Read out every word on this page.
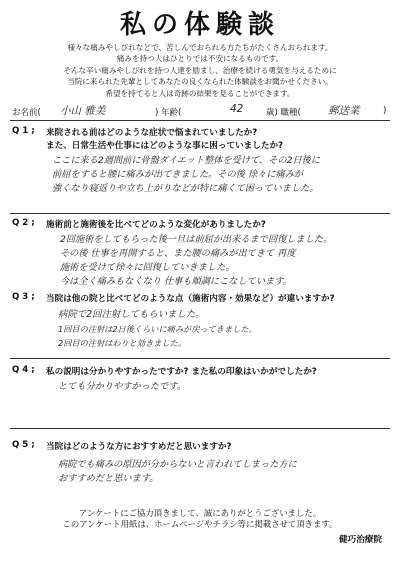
私の体験談
様々な痛みやしびれなどで、苦しんでおられる方たちがたくさんおられます。
痛みを持つ人はひとりでは不安になるものです。
そんな辛い痛みやしびれを持つ人達を励まし、治療を続ける勇気を与えるために
当院に来られた先輩としてあなたの良くなられた体験談をお聞かせください。
希望を持てると人は奇跡の結果を見ることができます。
お名前( 小山 雅美	) 年齢(	42	歳) 職種(	郵送業	)
Q 1 ; 来院される前はどのような症状で悩まれていましたか?
また、日常生活や仕事にはどのような事に困っていましたか?
ここに来る2週間前に骨盤ダイエット整体を受けて、その2日後に
前屈をすると腰に痛みが出てきました。その後 徐々に痛みが
強くなり寝返りや立ち上がりなどが特に痛くて困っていました。
Q 2 ; 施術前と施術後を比べてどのような変化がありましたか?
2回施術をしてもらった後一旦は前屈が出来るまで回復しました。
その後 仕事を再開すると、また腰の痛みが出てきて 再度
施術を受けて徐々に回復していきました。
今は全く痛みもなくなり 仕事も順調にこなしています。
Q 3 ; 当院は他の院と比べてどのような点（施術内容・効果など）が違いますか?
病院で2回注射してもらいました。
1回目の注射は2日後くらいに痛みが戻ってきました。
2回目の注射はわりと効きました。
Q 4 ; 私の説明は分かりやすかったですか? また私の印象はいかがでしたか?
とても分かりやすかったです。
Q 5 ; 当院はどのような方におすすめだと思いますか?
病院でも痛みの原因が分からないと言われてしまった方に
おすすめだと思います。
アンケートにご協力頂きまして、誠にありがとうございました。
このアンケート用紙は、ホームページやチラシ等に掲載させて頂きます。
健巧治療院
